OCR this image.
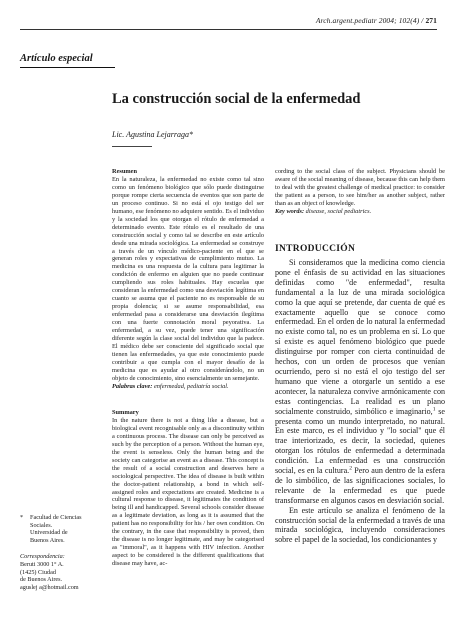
Arch.argent.pediatr 2004; 102(4) / 271
Artículo especial
La construcción social de la enfermedad
Lic. Agustina Lejarraga*

Resumen

En la naturaleza, la enfermedad no existe como tal sino como un fenómeno biológico que sólo puede distinguirse porque rompe cierta secuencia de eventos que son parte de un proceso continuo. Si no está el ojo testigo del ser humano, ese fenómeno no adquiere sentido. Es el individuo y la sociedad los que otorgan el rótulo de enfermedad a determinado evento. Este rótulo es el resultado de una construcción social y como tal se describe en este artículo desde una mirada sociológica. La enfermedad se construye a través de un vínculo médico-paciente en el que se generan roles y expectativas de cumplimiento mutuo. La medicina es una respuesta de la cultura para legitimar la condición de enfermo en alguien que no puede continuar cumpliendo sus roles habituales. Hay escuelas que consideran la enfermedad como una desviación legítima en cuanto se asuma que el paciente no es responsable de su propia dolencia; si se asume responsabilidad, esa enfermedad pasa a considerarse una desviación ilegítima con una fuerte connotación moral peyorativa. La enfermedad, a su vez, puede tener una significación diferente según la clase social del individuo que la padece. El médico debe ser consciente del significado social que tienen las enfermedades, ya que este conocimiento puede contribuir a que cumpla con el mayor desafío de la medicina que es ayudar al otro considerándolo, no un objeto de conocimiento, sino esencialmente un semejante.

Palabras clave: enfermedad, pediatría social.

Summary

In the nature there is not a thing like a disease, but a biological event recognisable only as a discontinuity within a continuous process. The disease can only be perceived as such by the perception of a person. Without the human eye, the event is senseless. Only the human being and the society can categorise an event as a disease. This concept is the result of a social construction and deserves here a sociological perspective. The idea of disease is built within the doctor-patient relationship, a bond in which self-assigned roles and expectations are created. Medicine is a cultural response to disease, it legitimates the condition of being ill and handicapped. Several schools consider disease as a legitimate deviation, as long as it is assumed that the patient has no responsibility for his / her own condition. On the contrary, in the case that responsibility is proved, then the disease is no longer legitimate, and may be categorised as "immoral", as it happens with HIV infection. Another aspect to be considered is the different qualifications that disease may have, ac-

cording to the social class of the subject. Physicians should be aware of the social meaning of disease, because this can help them to deal with the greatest challenge of medical practice: to consider the patient as a person, to see him/her as another subject, rather than as an object of knowledge.

Key words: disease, social pediatrics.

INTRODUCCIÓN

Si consideramos que la medicina como ciencia pone el énfasis de su actividad en las situaciones definidas como "de enfermedad", resulta fundamental a la luz de una mirada sociológica como la que aquí se pretende, dar cuenta de qué es exactamente aquello que se conoce como enfermedad. En el orden de lo natural la enfermedad no existe como tal, no es un problema en sí. Lo que sí existe es aquel fenómeno biológico que puede distinguirse por romper con cierta continuidad de hechos, con un orden de procesos que venían ocurriendo, pero si no está el ojo testigo del ser humano que viene a otorgarle un sentido a ese acontecer, la naturaleza convive armónicamente con estas contingencias. La realidad es un plano socialmente construido, simbólico e imaginario,$^1$ se presenta como un mundo interpretado, no natural. En este marco, es el individuo y "lo social" que él trae interiorizado, es decir, la sociedad, quienes otorgan los rótulos de enfermedad a determinada condición. La enfermedad es una construcción social, es en la cultura.$^2$ Pero aun dentro de la esfera de lo simbólico, de las significaciones sociales, lo relevante de la enfermedad es que puede transformarse en algunos casos en desviación social.

En este artículo se analiza el fenómeno de la construcción social de la enfermedad a través de una mirada sociológica, incluyendo consideraciones sobre el papel de la sociedad, los condicionantes y

* Facultad de Ciencias
Sociales.
Universidad de
Buenos Aires.
Correspondencia:
Beruti 3000 1° A.
(1425) Ciudad
de Buenos Aires.
aguslej a@hotmail.com
